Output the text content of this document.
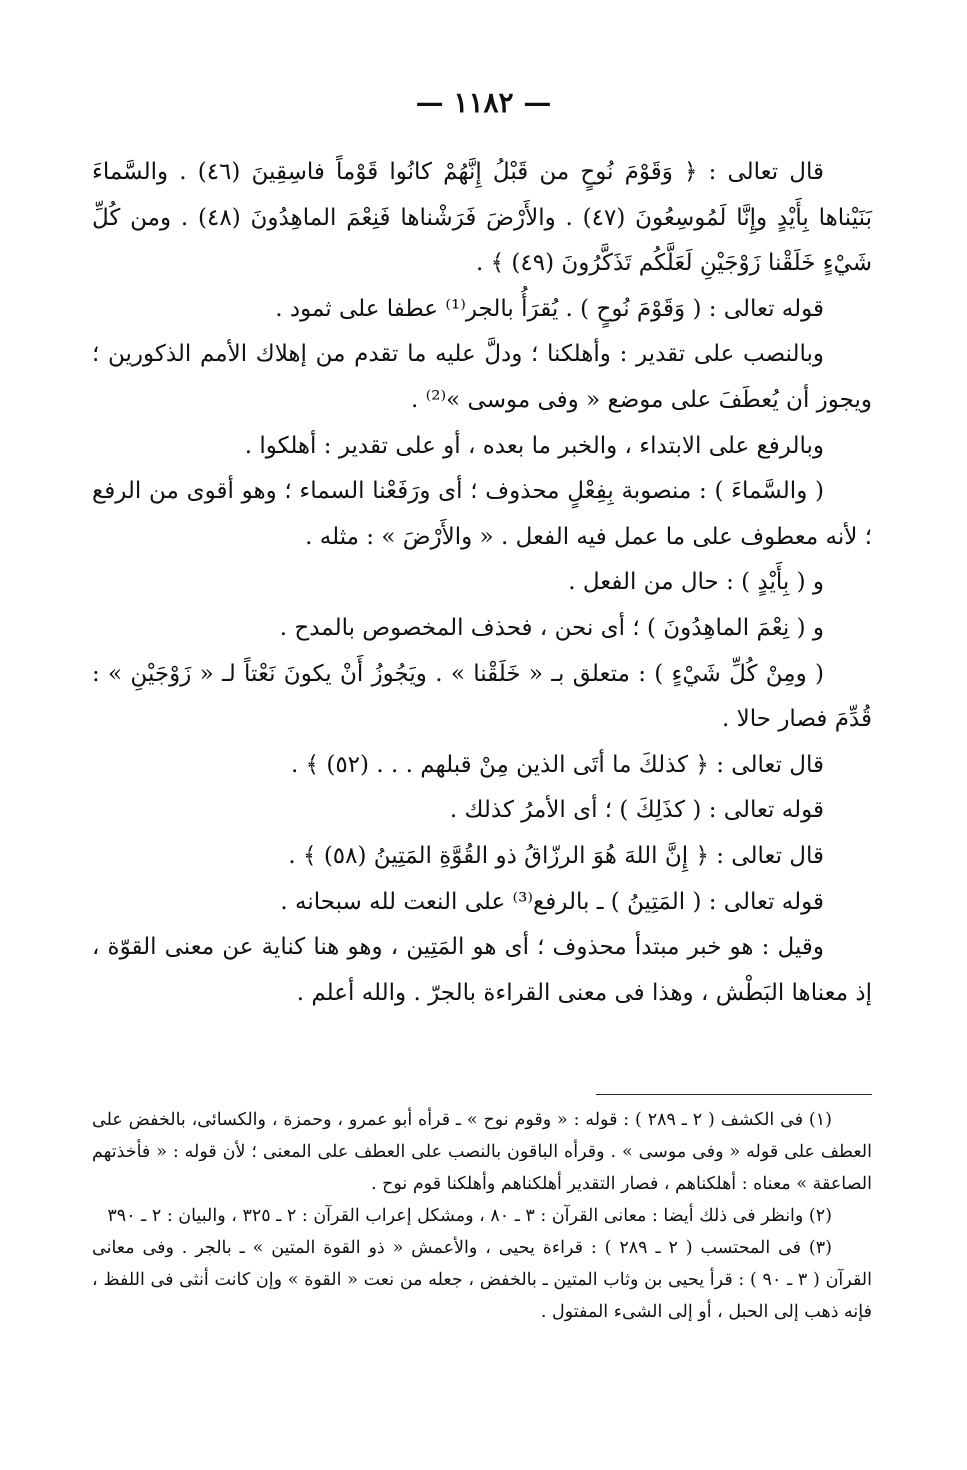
— ١١٨٢ —

قال تعالى : ﴿ وَقَوْمَ نُوحٍ من قَبْلُ إِنَّهُمْ كانُوا قَوْماً فاسِقِينَ (٤٦) . والسَّماءَ بَنَيْناها بِأَيْدٍ وإِنَّا لَمُوسِعُونَ (٤٧) . والأَرْضَ فَرَشْناها فَنِعْمَ الماهِدُونَ (٤٨) . ومن كُلِّ شَيْءٍ خَلَقْنا زَوْجَيْنِ لَعَلَّكُم تَذَكَّرُونَ (٤٩) ﴾ .

قوله تعالى : ( وَقَوْمَ نُوحٍ ) . يُقرَأُ بالجر⁽¹⁾ عطفا على ثمود .

وبالنصب على تقدير : وأهلكنا ؛ ودلَّ عليه ما تقدم من إهلاك الأمم الذكورين ؛ ويجوز أن يُعطَفَ على موضع « وفى موسى »⁽²⁾ .

وبالرفع على الابتداء ، والخبر ما بعده ، أو على تقدير : أهلكوا .

( والسَّماءَ ) : منصوبة بِفِعْلٍ محذوف ؛ أى ورَفَعْنا السماء ؛ وهو أقوى من الرفع ؛ لأنه معطوف على ما عمل فيه الفعل . « والأَرْضَ » : مثله .

و ( بِأَيْدٍ ) : حال من الفعل .

و ( نِعْمَ الماهِدُونَ ) ؛ أى نحن ، فحذف المخصوص بالمدح .

( ومِنْ كُلِّ شَيْءٍ ) : متعلق بـ « خَلَقْنا » . ويَجُوزُ أَنْ يكونَ نَعْتاً لـ « زَوْجَيْنِ » : قُدِّمَ فصار حالا .

قال تعالى : ﴿ كذلكَ ما أتَى الذين مِنْ قبلهم . . . (٥٢) ﴾ .

قوله تعالى : ( كذَلِكَ ) ؛ أى الأمرُ كذلك .

قال تعالى : ﴿ إِنَّ اللهَ هُوَ الرزّاقُ ذو القُوَّةِ المَتِينُ (٥٨) ﴾ .

قوله تعالى : ( المَتِينُ ) ـ بالرفع⁽³⁾ على النعت لله سبحانه .

وقيل : هو خبر مبتدأ محذوف ؛ أى هو المَتِين ، وهو هنا كناية عن معنى القوّة ، إذ معناها البَطْش ، وهذا فى معنى القراءة بالجرّ . والله أعلم .

(١) فى الكشف ( ٢ ـ ٢٨٩ ) : قوله : « وقوم نوح » ـ قرأه أبو عمرو ، وحمزة ، والكسائى، بالخفض على العطف على قوله « وفى موسى » . وقرأه الباقون بالنصب على العطف على المعنى ؛ لأن قوله : « فأخذتهم الصاعقة » معناه : أهلكناهم ، فصار التقدير أهلكناهم وأهلكنا قوم نوح .

(٢) وانظر فى ذلك أيضا : معانى القرآن : ٣ ـ ٨٠ ، ومشكل إعراب القرآن : ٢ ـ ٣٢٥ ، والبيان : ٢ ـ ٣٩٠

(٣) فى المحتسب ( ٢ ـ ٢٨٩ ) : قراءة يحيى ، والأعمش « ذو القوة المتين » ـ بالجر . وفى معانى القرآن ( ٣ ـ ٩٠ ) : قرأ يحيى بن وثاب المتين ـ بالخفض ، جعله من نعت « القوة » وإن كانت أنثى فى اللفظ ، فإنه ذهب إلى الحبل ، أو إلى الشىء المفتول .
